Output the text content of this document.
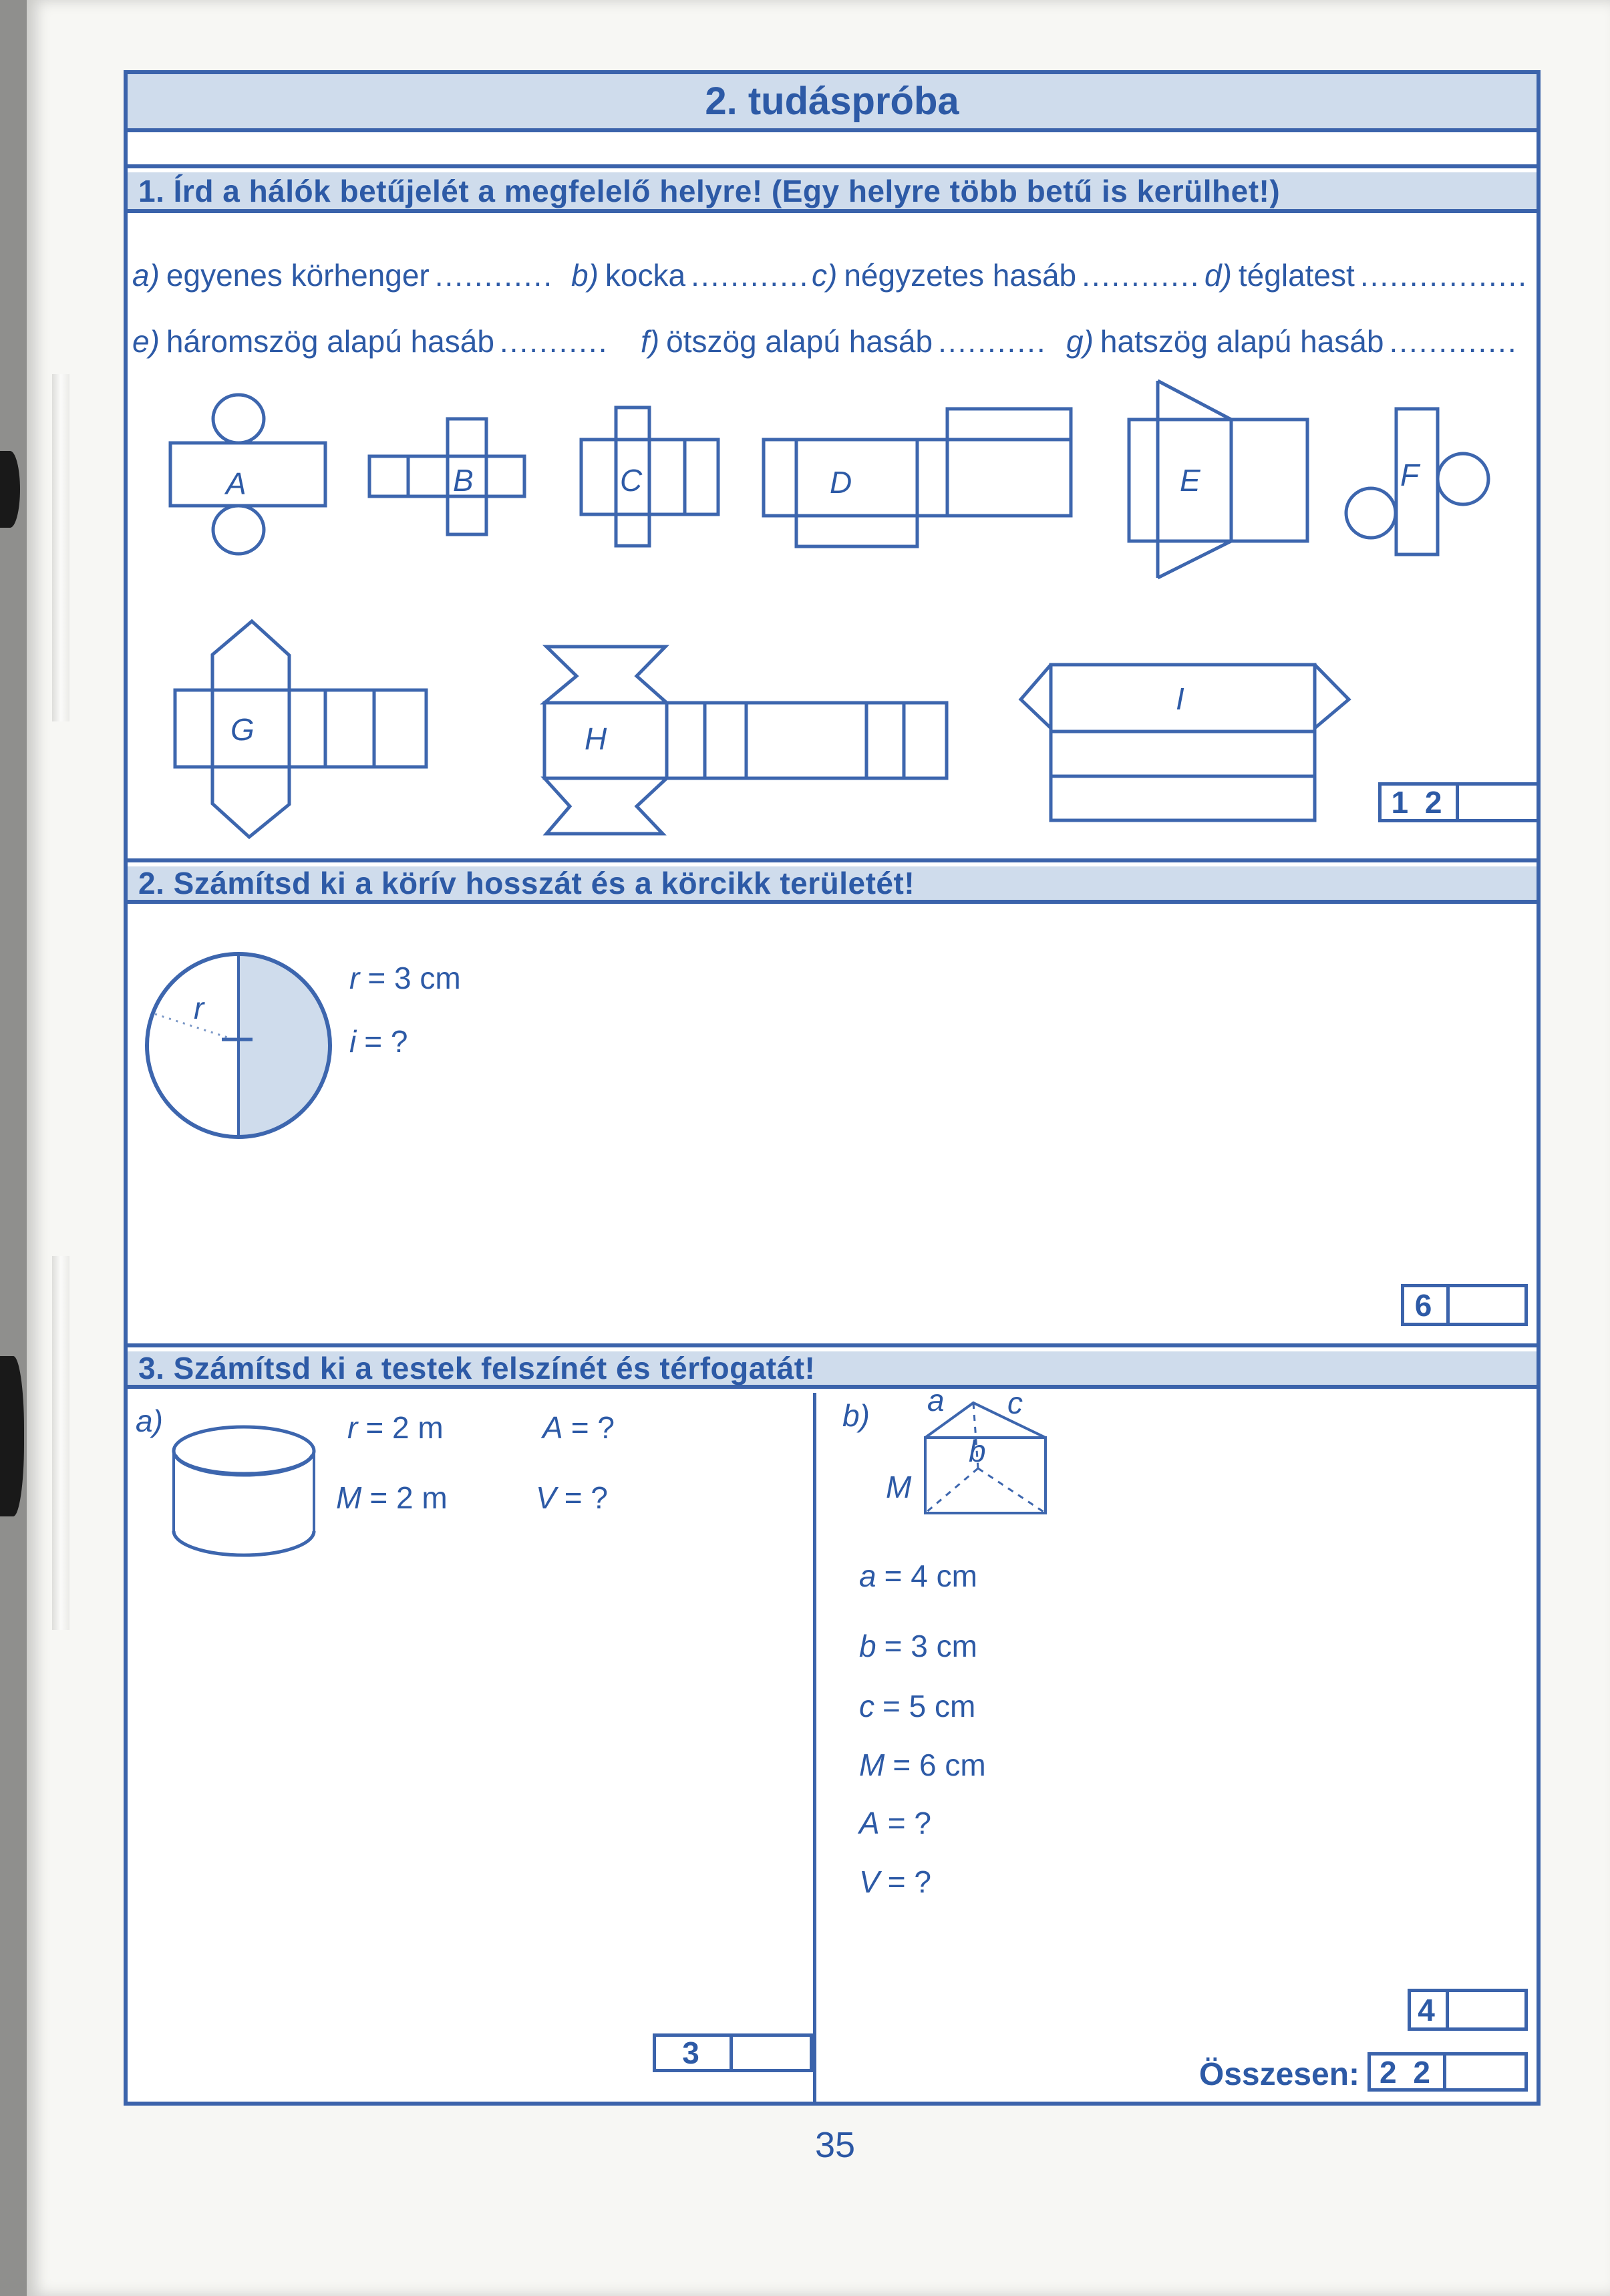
2. tudáspróba
1. Írd a hálók betűjelét a megfelelő helyre! (Egy helyre több betű is kerülhet!)
2. Számítsd ki a körív hosszát és a körcikk területét!
3. Számítsd ki a testek felszínét és térfogatát!
a) egyenes körhenger ............ b) kocka ............ c) négyzetes hasáb ............ d) téglatest .................
e) háromszög alapú hasáb ........... f) ötszög alapú hasáb ........... g) hatszög alapú hasáb .............
A	B	C	D	E	F
G	H
I
r
a c
b
M
r = 3 cm
i = ?
a)	r = 2 m	A = ?
M = 2 m	V = ?
b)
a = 4 cm
b = 3 cm
c = 5 cm
M = 6 cm
A = ?
V = ?
1 2
6
3
4
Összesen: 2 2
35
